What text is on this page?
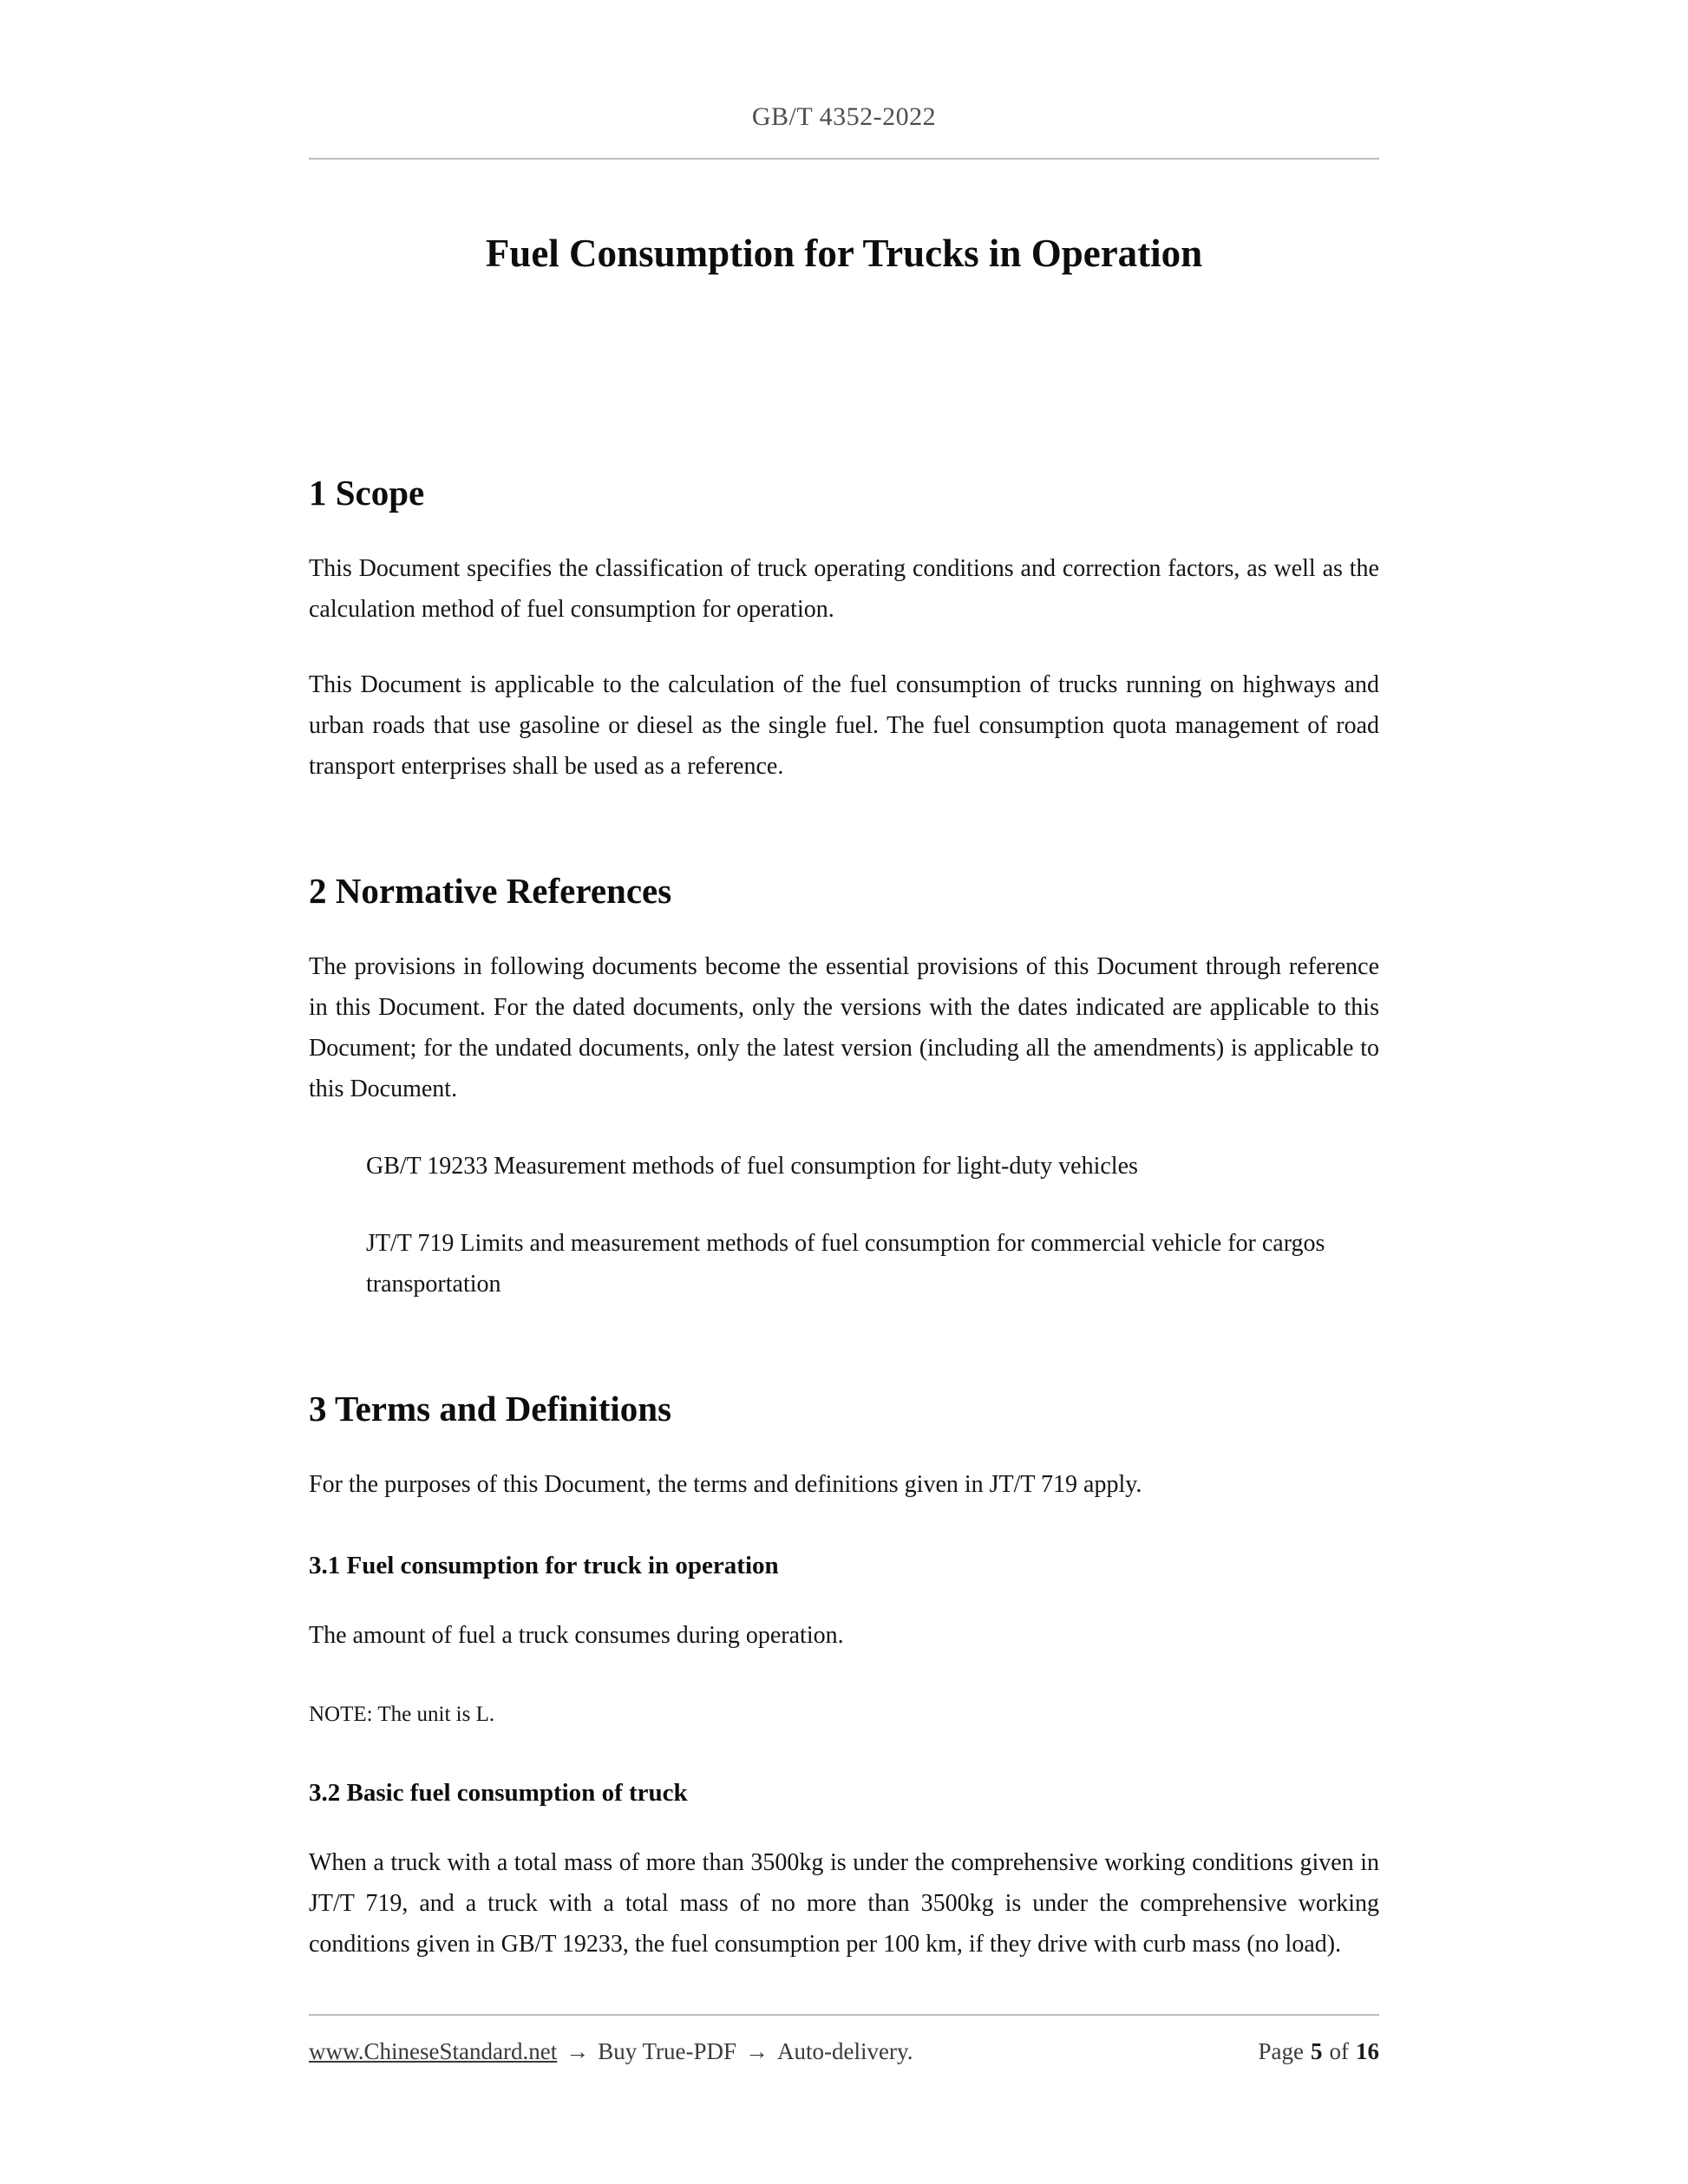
GB/T 4352-2022
Fuel Consumption for Trucks in Operation
1 Scope

This Document specifies the classification of truck operating conditions and correction factors, as well as the calculation method of fuel consumption for operation.

This Document is applicable to the calculation of the fuel consumption of trucks running on highways and urban roads that use gasoline or diesel as the single fuel. The fuel consumption quota management of road transport enterprises shall be used as a reference.

2 Normative References

The provisions in following documents become the essential provisions of this Document through reference in this Document. For the dated documents, only the versions with the dates indicated are applicable to this Document; for the undated documents, only the latest version (including all the amendments) is applicable to this Document.

GB/T 19233 Measurement methods of fuel consumption for light-duty vehicles

JT/T 719 Limits and measurement methods of fuel consumption for commercial vehicle for cargos transportation

3 Terms and Definitions

For the purposes of this Document, the terms and definitions given in JT/T 719 apply.

3.1 Fuel consumption for truck in operation

The amount of fuel a truck consumes during operation.

NOTE: The unit is L.

3.2 Basic fuel consumption of truck

When a truck with a total mass of more than 3500kg is under the comprehensive working conditions given in JT/T 719, and a truck with a total mass of no more than 3500kg is under the comprehensive working conditions given in GB/T 19233, the fuel consumption per 100 km, if they drive with curb mass (no load).

www.ChineseStandard.net → Buy True-PDF → Auto-delivery.	Page 5 of 16
